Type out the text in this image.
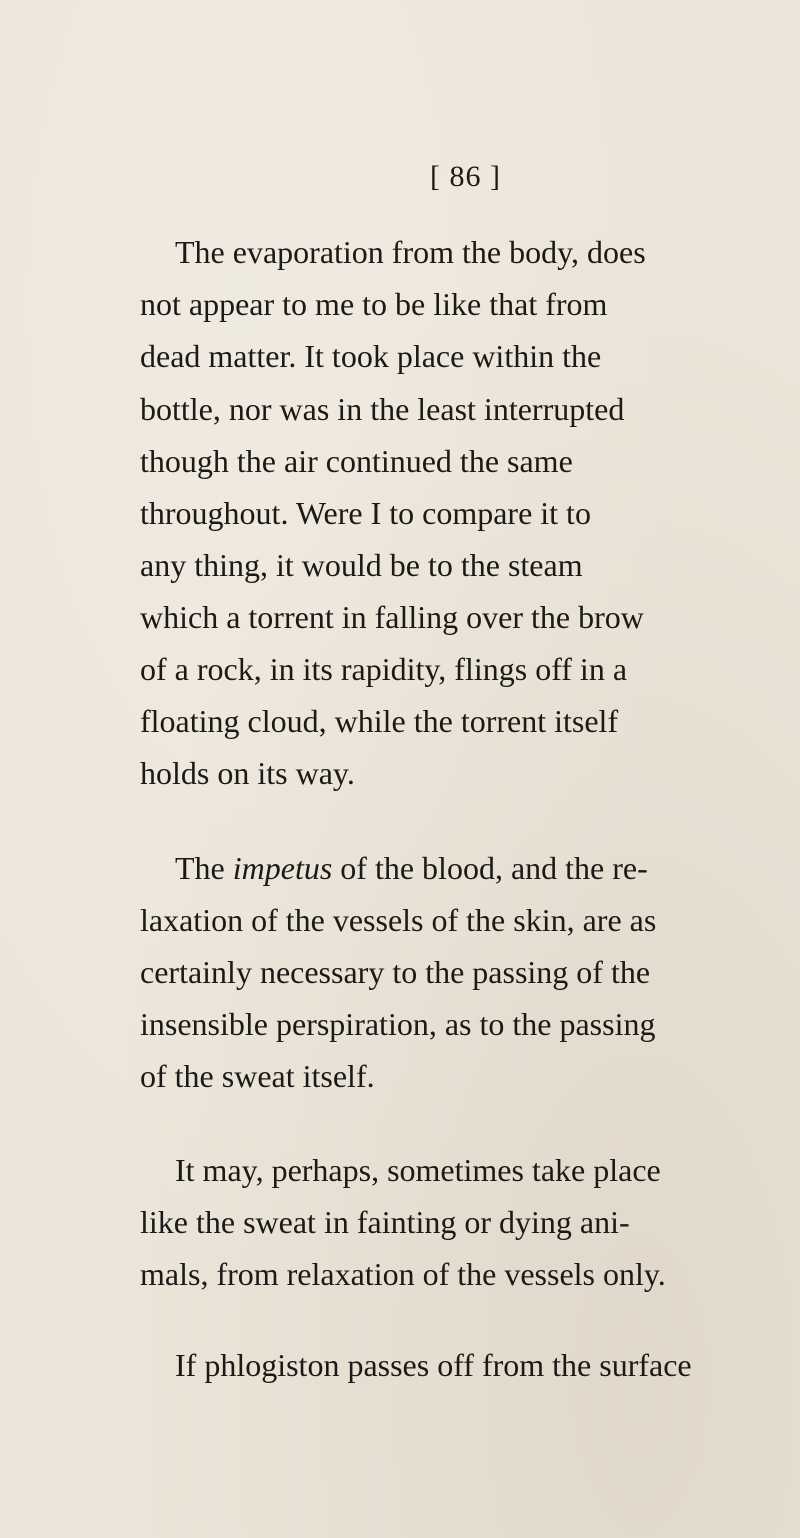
[ 86 ]
The evaporation from the body, does
not appear to me to be like that from
dead matter. It took place within the
bottle, nor was in the least interrupted
though the air continued the same
throughout. Were I to compare it to
any thing, it would be to the steam
which a torrent in falling over the brow
of a rock, in its rapidity, flings off in a
floating cloud, while the torrent itself
holds on its way.
The impetus of the blood, and the re-
laxation of the vessels of the skin, are as
certainly necessary to the passing of the
insensible perspiration, as to the passing
of the sweat itself.
It may, perhaps, sometimes take place
like the sweat in fainting or dying ani-
mals, from relaxation of the vessels only.
If phlogiston passes off from the surface
